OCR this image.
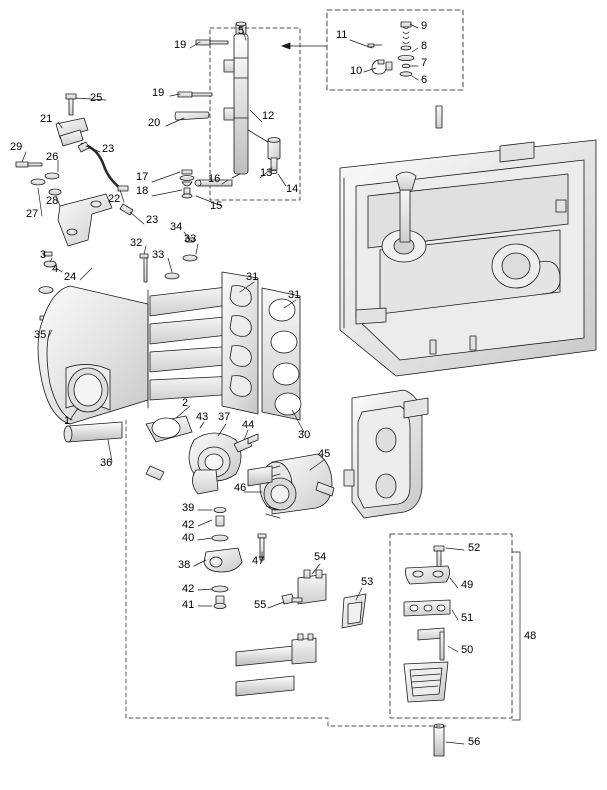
5
19
11
9
8
7
10
6
19
25
20
12
21
23
29
26
13
17	16
14
18
22
27
28	15
23
34
33
32
33
31
3
4
24
31
35
30
2
43 37
44
45
1
36
46
39
42
40
38	47	54
52
49
53
42
51
41	55
48
50
56
